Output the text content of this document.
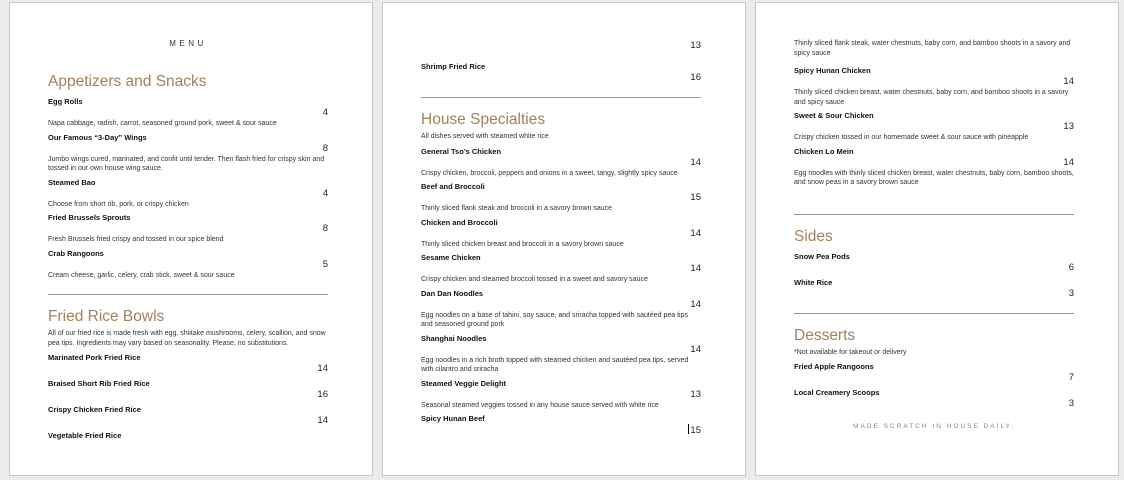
MENU
Appetizers and Snacks
Egg Rolls
4
Napa cabbage, radish, carrot, seasoned ground pork, sweet & sour sauce
Our Famous “3-Day” Wings
8
Jumbo wings cured, marinated, and confit until tender. Then flash fried for crispy skin and tossed in our own house wing sauce.
Steamed Bao
4
Choose from short rib, pork, or crispy chicken
Fried Brussels Sprouts
8
Fresh Brussels fried crispy and tossed in our spice blend
Crab Rangoons
5
Cream cheese, garlic, celery, crab stick, sweet & sour sauce
Fried Rice Bowls
All of our fried rice is made fresh with egg, shiitake mushrooms, celery, scallion, and snow pea tips. Ingredients may vary based on seasonality. Please, no substitutions.
Marinated Pork Fried Rice
14
Braised Short Rib Fried Rice
16
Crispy Chicken Fried Rice
14
Vegetable Fried Rice
13
Shrimp Fried Rice
16
House Specialties
All dishes served with steamed white rice
General Tso’s Chicken
14
Crispy chicken, broccoli, peppers and onions in a sweet, tangy, slightly spicy sauce
Beef and Broccoli
15
Thinly sliced flank steak and broccoli in a savory brown sauce
Chicken and Broccoli
14
Thinly sliced chicken breast and broccoli in a savory brown sauce
Sesame Chicken
14
Crispy chicken and steamed broccoli tossed in a sweet and savory sauce
Dan Dan Noodles
14
Egg noodles on a base of tahini, soy sauce, and sriracha topped with sautéed pea tips and seasoned ground pork
Shanghai Noodles
14
Egg noodles in a rich broth topped with steamed chicken and sautéed pea tips, served with cilantro and sriracha
Steamed Veggie Delight
13
Seasonal steamed veggies tossed in any house sauce served with white rice
Spicy Hunan Beef
15
Thinly sliced flank steak, water chestnuts, baby corn, and bamboo shoots in a savory and spicy sauce
Spicy Hunan Chicken
14
Thinly sliced chicken breast, water chestnuts, baby corn, and bamboo shoots in a savory and spicy sauce
Sweet & Sour Chicken
13
Crispy chicken tossed in our homemade sweet & sour sauce with pineapple
Chicken Lo Mein
14
Egg noodles with thinly sliced chicken breast, water chestnuts, baby corn, bamboo shoots, and snow peas in a savory brown sauce
Sides
Snow Pea Pods
6
White Rice
3
Desserts
*Not available for takeout or delivery
Fried Apple Rangoons
7
Local Creamery Scoops
3
MADE SCRATCH IN HOUSE DAILY.
